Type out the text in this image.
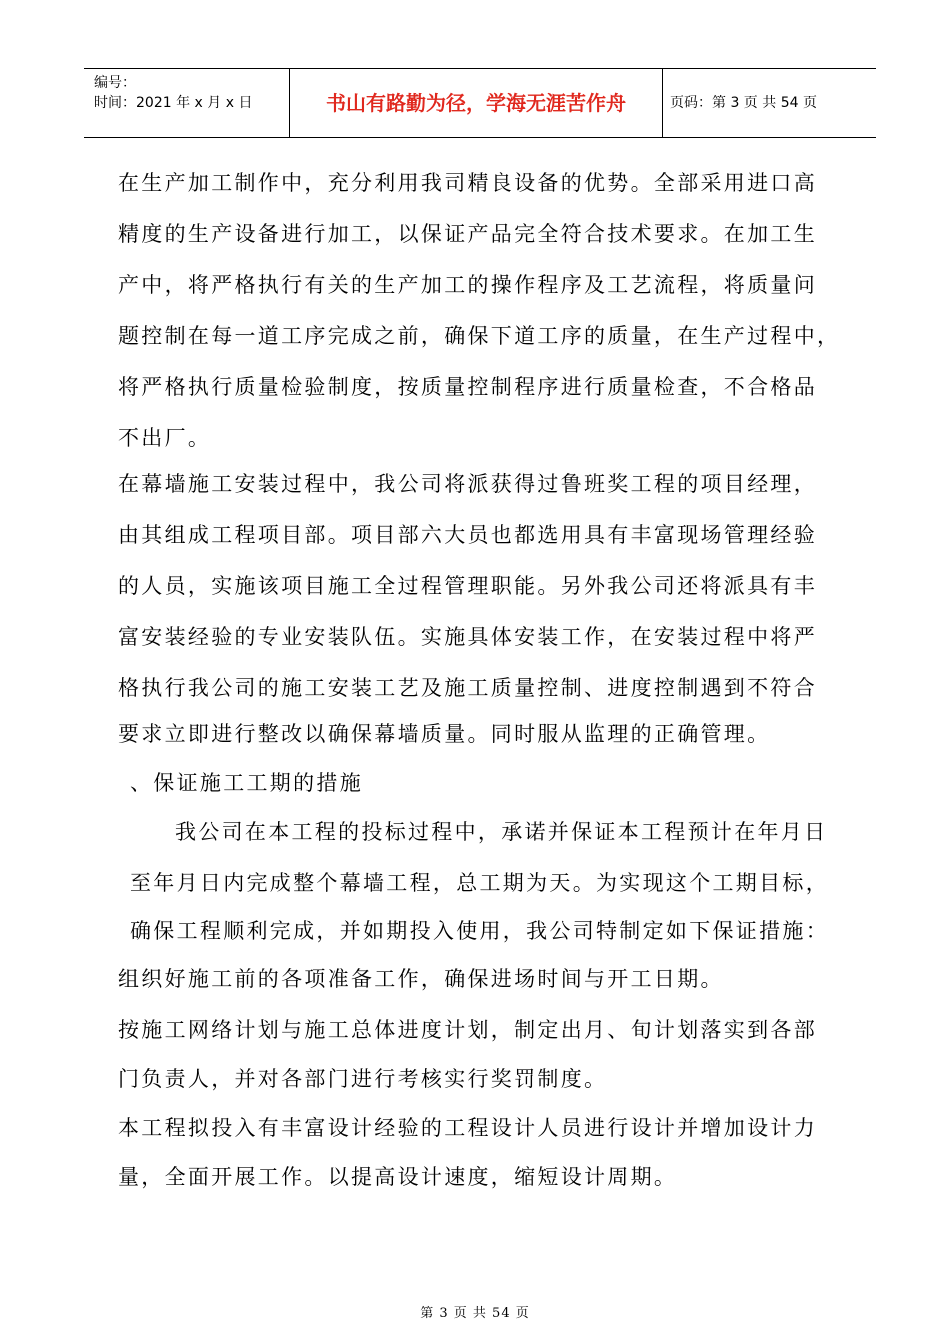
编号：
时间：2021 年 x 月 x 日	书山有路勤为径，学海无涯苦作舟	页码：第 3 页 共 54 页
在生产加工制作中，充分利用我司精良设备的优势。全部采用进口高
精度的生产设备进行加工，以保证产品完全符合技术要求。在加工生
产中，将严格执行有关的生产加工的操作程序及工艺流程，将质量问
题控制在每一道工序完成之前，确保下道工序的质量，在生产过程中，
将严格执行质量检验制度，按质量控制程序进行质量检查，不合格品
不出厂。
在幕墙施工安装过程中，我公司将派获得过鲁班奖工程的项目经理，
由其组成工程项目部。项目部六大员也都选用具有丰富现场管理经验
的人员，实施该项目施工全过程管理职能。另外我公司还将派具有丰
富安装经验的专业安装队伍。实施具体安装工作，在安装过程中将严
格执行我公司的施工安装工艺及施工质量控制、进度控制遇到不符合
要求立即进行整改以确保幕墙质量。同时服从监理的正确管理。
、保证施工工期的措施
我公司在本工程的投标过程中，承诺并保证本工程预计在年月日
至年月日内完成整个幕墙工程，总工期为天。为实现这个工期目标，
确保工程顺利完成，并如期投入使用，我公司特制定如下保证措施：
组织好施工前的各项准备工作，确保进场时间与开工日期。
按施工网络计划与施工总体进度计划，制定出月、旬计划落实到各部
门负责人，并对各部门进行考核实行奖罚制度。
本工程拟投入有丰富设计经验的工程设计人员进行设计并增加设计力
量，全面开展工作。以提高设计速度，缩短设计周期。
第 3 页 共 54 页
